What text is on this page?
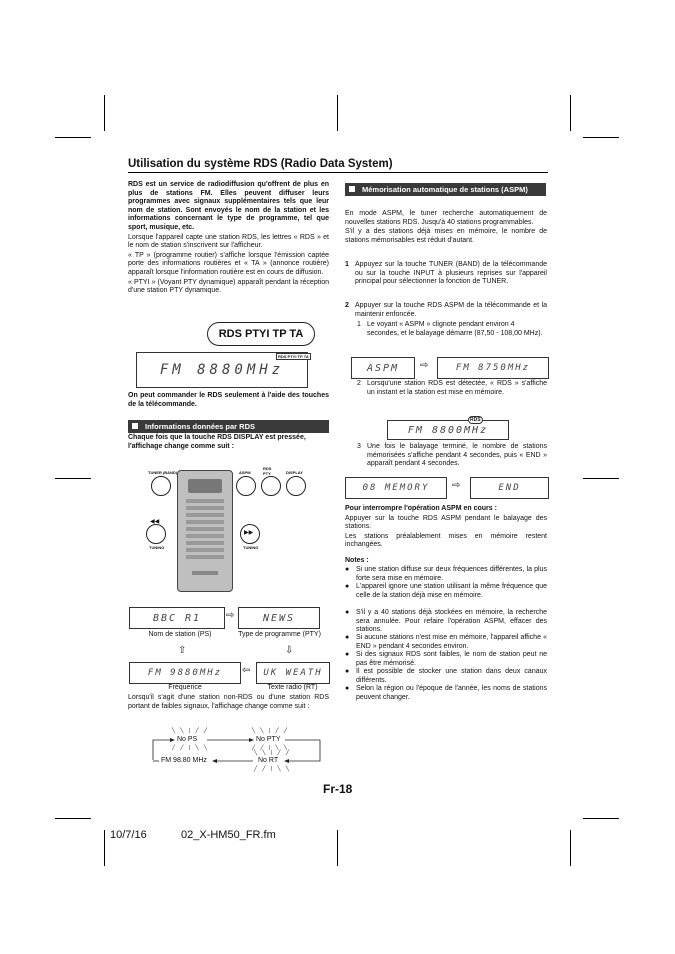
Utilisation du système RDS (Radio Data System)

RDS est un service de radiodiffusion qu'offrent de plus en plus de stations FM. Elles peuvent diffuser leurs programmes avec signaux supplémentaires tels que leur nom de station. Sont envoyés le nom de la station et les informations concernant le type de programme, tel que sport, musique, etc.

Lorsque l'appareil capte une station RDS, les lettres « RDS » et le nom de station s'inscrivent sur l'afficheur.

« TP » (programme routier) s'affiche lorsque l'émission captée porte des informations routières et « TA » (annonce routière) apparaît lorsque l'information routière est en cours de diffusion.

« PTYI » (Voyant PTY dynamique) apparaît pendant la réception d'une station PTY dynamique.

RDS PTYI TP TA
FM 8880MHz
RDS PTYI TP TA
On peut commander le RDS seulement à l'aide des touches de la télécommande.
Informations données par RDS
Chaque fois que la touche RDS DISPLAY est pressée, l'affichage change comme suit :
TUNER (BAND)	ASPM
RDS PTY	DISPLAY
TUNING	TUNING
◀◀
▶▶
BBC R1	⇨	NEWS
Nom de station (PS)	Type de programme (PTY)
⇧	⇩
FM 9880MHz	⇦	UK WEATH
Fréquence	Texte radio (RT)
Lorsqu'il s'agit d'une station non-RDS ou d'une station RDS portant de faibles signaux, l'affichage change comme suit :
No PS	No PTY
FM 98.80 MHz	No RT
╲ ╲ | ╱ ╱
╱ ╱ | ╲ ╲
╲ ╲ | ╱ ╱
╱ ╱ | ╲ ╲
╲ ╲ | ╱ ╱
╱ ╱ | ╲ ╲
Mémorisation automatique de stations (ASPM)

En mode ASPM, le tuner recherche automatiquement de nouvelles stations RDS. Jusqu'à 40 stations programmables.

S'il y a des stations déjà mises en mémoire, le nombre de stations mémorisables est réduit d'autant.

1 Appuyez sur la touche TUNER (BAND) de la télécommande ou sur la touche INPUT à plusieurs reprises sur l'appareil principal pour sélectionner la fonction de TUNER.
2 Appuyer sur la touche RDS ASPM de la télécommande et la maintenir enfoncée.
1 Le voyant « ASPM » clignote pendant environ 4 secondes, et le balayage démarre (87,50 - 108,00 MHz).
ASPM	⇨	FM 8750MHz
2 Lorsqu'une station RDS est détectée, « RDS » s'affiche un instant et la station est mise en mémoire.
FM 8800MHz
RDS
3 Une fois le balayage terminé, le nombre de stations mémorisées s'affiche pendant 4 secondes, puis « END » apparaît pendant 4 secondes.
08 MEMORY	⇨	END

Pour interrompre l'opération ASPM en cours :

Appuyer sur la touche RDS ASPM pendant le balayage des stations.

Les stations préalablement mises en mémoire restent inchangées.

Notes :
● Si une station diffuse sur deux fréquences différentes, la plus forte sera mise en mémoire.
● L'appareil ignore une station utilisant la même fréquence que celle de la station déjà mise en mémoire.
● S'il y a 40 stations déjà stockées en mémoire, la recherche sera annulée. Pour refaire l'opération ASPM, effacer des stations.
● Si aucune stations n'est mise en mémoire, l'appareil affiche « END » pendant 4 secondes environ.
● Si des signaux RDS sont faibles, le nom de station peut ne pas être mémorisé.
● Il est possible de stocker une station dans deux canaux différents.
● Selon la région ou l'époque de l'année, les noms de stations peuvent changer.
Fr-18
10/7/16	02_X-HM50_FR.fm
